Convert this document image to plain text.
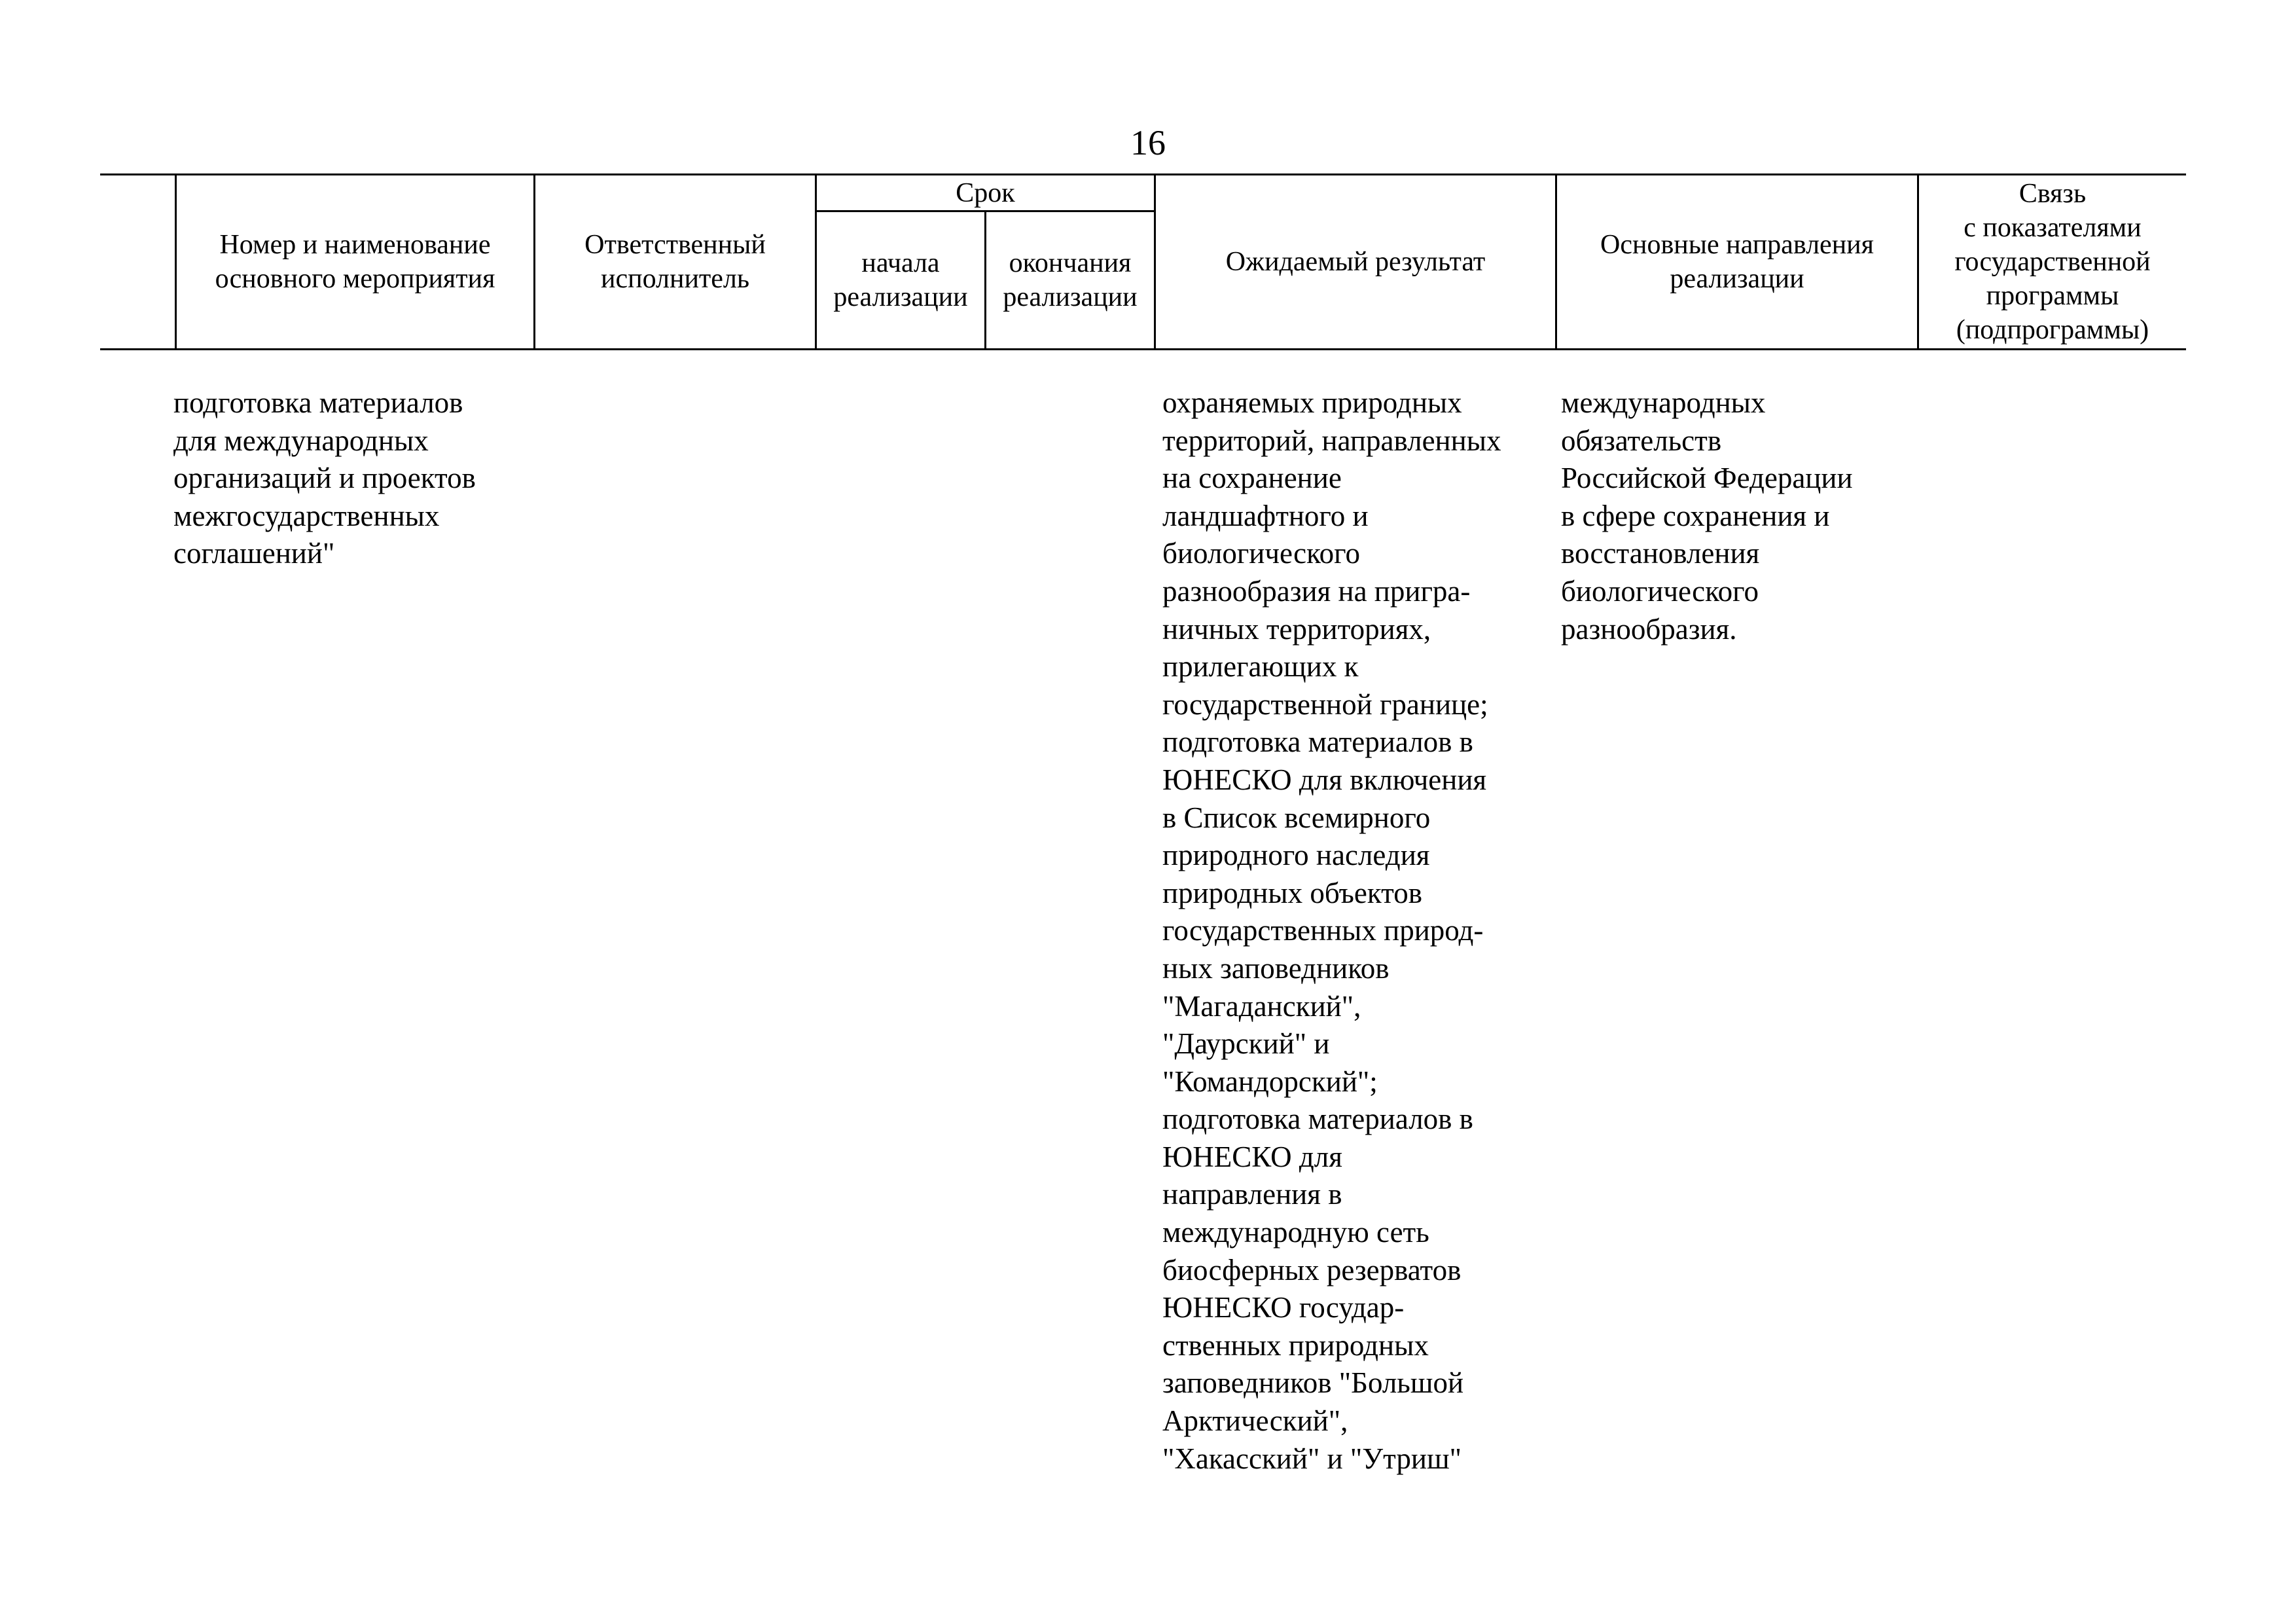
16
Номер и наименование
основного мероприятия
Ответственный
исполнитель
Срок
начала
реализации
окончания
реализации
Ожидаемый результат
Основные направления
реализации
Связь
с показателями
государственной
программы
(подпрограммы)
подготовка материалов
для международных
организаций и проектов
межгосударственных
соглашений"
охраняемых природных
территорий, направленных
на сохранение
ландшафтного и
биологического
разнообразия на пригра-
ничных территориях,
прилегающих к
государственной границе;
подготовка материалов в
ЮНЕСКО для включения
в Список всемирного
природного наследия
природных объектов
государственных природ-
ных заповедников
"Магаданский",
"Даурский" и
"Командорский";
подготовка материалов в
ЮНЕСКО для
направления в
международную сеть
биосферных резерватов
ЮНЕСКО государ-
ственных природных
заповедников "Большой
Арктический",
"Хакасский" и "Утриш"
международных
обязательств
Российской Федерации
в сфере сохранения и
восстановления
биологического
разнообразия.
